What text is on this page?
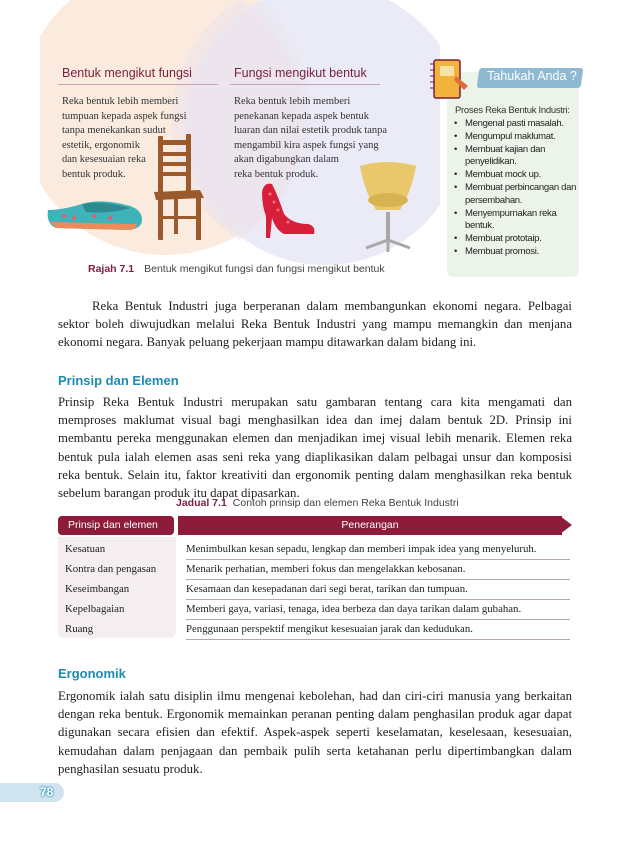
Bentuk mengikut fungsi	Fungsi mengikut bentuk
Reka bentuk lebih memberi
tumpuan kepada aspek fungsi
tanpa menekankan sudut
estetik, ergonomik
dan kesesuaian reka
bentuk produk.
Reka bentuk lebih memberi
penekanan kepada aspek bentuk
luaran dan nilai estetik produk tanpa
mengambil kira aspek fungsi yang
akan digabungkan dalam
reka bentuk produk.
Rajah 7.1 Bentuk mengikut fungsi dan fungsi mengikut bentuk
Tahukah Anda ?
Proses Reka Bentuk Industri:
• Mengenal pasti masalah.
• Mengumpul maklumat.
• Membuat kajian dan penyelidikan.
• Membuat mock up.
• Membuat perbincangan dan persembahan.
• Menyempurnakan reka bentuk.
• Membuat prototaip.
• Membuat promosi.
Reka Bentuk Industri juga berperanan dalam membangunkan ekonomi negara. Pelbagai sektor boleh diwujudkan melalui Reka Bentuk Industri yang mampu memangkin dan menjana ekonomi negara. Banyak peluang pekerjaan mampu ditawarkan dalam bidang ini.
Prinsip dan Elemen
Prinsip Reka Bentuk Industri merupakan satu gambaran tentang cara kita mengamati dan memproses maklumat visual bagi menghasilkan idea dan imej dalam bentuk 2D. Prinsip ini membantu pereka menggunakan elemen dan menjadikan imej visual lebih menarik. Elemen reka bentuk pula ialah elemen asas seni reka yang diaplikasikan dalam pelbagai unsur dan komposisi reka bentuk. Selain itu, faktor kreativiti dan ergonomik penting dalam menghasilkan reka bentuk sebelum barangan produk itu dapat dipasarkan.
Jadual 7.1 Contoh prinsip dan elemen Reka Bentuk Industri
Prinsip dan elemen	Penerangan
Kesatuan	Menimbulkan kesan sepadu, lengkap dan memberi impak idea yang menyeluruh.
Kontra dan pengasan	Menarik perhatian, memberi fokus dan mengelakkan kebosanan.
Keseimbangan	Kesamaan dan kesepadanan dari segi berat, tarikan dan tumpuan.
Kepelbagaian	Memberi gaya, variasi, tenaga, idea berbeza dan daya tarikan dalam gubahan.
Ruang	Penggunaan perspektif mengikut kesesuaian jarak dan kedudukan.
Ergonomik
Ergonomik ialah satu disiplin ilmu mengenai kebolehan, had dan ciri-ciri manusia yang berkaitan dengan reka bentuk. Ergonomik memainkan peranan penting dalam penghasilan produk agar dapat digunakan secara efisien dan efektif. Aspek-aspek seperti keselamatan, keselesaan, kesesuaian, kemudahan dalam penjagaan dan pembaik pulih serta ketahanan perlu dipertimbangkan dalam penghasilan sesuatu produk.
78
